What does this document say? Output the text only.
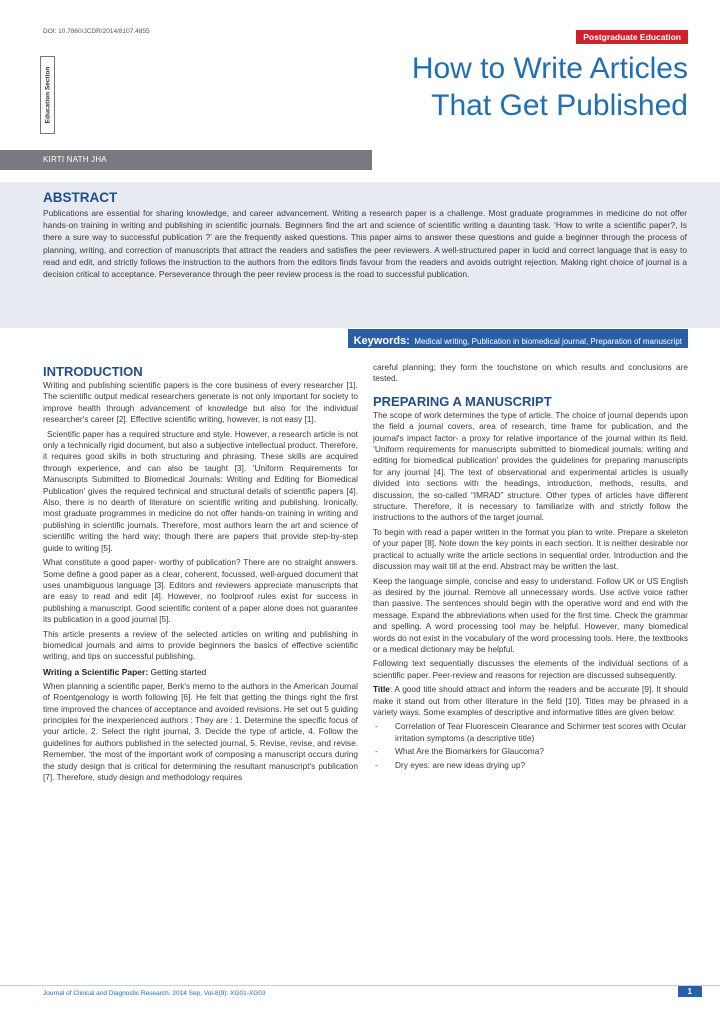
DOI: 10.7860/JCDR/2014/8107.4855
Postgraduate Education
Education Section	How to Write Articles
That Get Published
KIRTI NATH JHA
ABSTRACT
Publications are essential for sharing knowledge, and career advancement. Writing a research paper is a challenge. Most graduate programmes in medicine do not offer hands-on training in writing and publishing in scientific journals. Beginners find the art and science of scientific writing a daunting task. ‘How to write a scientific paper?, Is there a sure way to successful publication ?’ are the frequently asked questions. This paper aims to answer these questions and guide a beginner through the process of planning, writing, and correction of manuscripts that attract the readers and satisfies the peer reviewers. A well-structured paper in lucid and correct language that is easy to read and edit, and strictly follows the instruction to the authors from the editors finds favour from the readers and avoids outright rejection. Making right choice of journal is a decision critical to acceptance. Perseverance through the peer review process is the road to successful publication.
Keywords: Medical writing, Publication in biomedical journal, Preparation of manuscript
INTRODUCTION

Writing and publishing scientific papers is the core business of every researcher [1]. The scientific output medical researchers generate is not only important for society to improve health through advancement of knowledge but also for the individual researcher's career [2]. Effective scientific writing, however, is not easy [1].

Scientific paper has a required structure and style. However, a research article is not only a technically rigid document, but also a subjective intellectual product. Therefore, it requires good skills in both structuring and phrasing. These skills are acquired through experience, and can also be taught [3]. ‘Uniform Requirements for Manuscripts Submitted to Biomedical Journals: Writing and Editing for Biomedical Publication’ gives the required technical and structural details of scientific papers [4]. Also, there is no dearth of literature on scientific writing and publishing. Ironically, most graduate programmes in medicine do not offer hands-on training in writing and publishing in scientific journals. Therefore, most authors learn the art and science of scientific writing the hard way; though there are papers that provide step-by-step guide to writing [5].

What constitute a good paper- worthy of publication? There are no straight answers. Some define a good paper as a clear, coherent, focussed, well-argued document that uses unambiguous language [3]. Editors and reviewers appreciate manuscripts that are easy to read and edit [4]. However, no foolproof rules exist for success in publishing a manuscript. Good scientific content of a paper alone does not guarantee its publication in a good journal [5].

This article presents a review of the selected articles on writing and publishing in biomedical journals and aims to provide beginners the basics of effective scientific writing, and tips on successful publishing.

Writing a Scientific Paper: Getting started

When planning a scientific paper, Berk's memo to the authors in the American Journal of Roentgenology is worth following [6]. He felt that getting the things right the first time improved the chances of acceptance and avoided revisions. He set out 5 guiding principles for the inexperienced authors : They are : 1. Determine the specific focus of your article, 2. Select the right journal, 3. Decide the type of article, 4. Follow the guidelines for authors published in the selected journal, 5. Revise, revise, and revise. Remember, ‘the most of the important work of composing a manuscript occurs during the study design that is critical for determining the resultant manuscript's publication [7]. Therefore, study design and methodology requires

careful planning; they form the touchstone on which results and conclusions are tested.

PREPARING A MANUSCRIPT

The scope of work determines the type of article. The choice of journal depends upon the field a journal covers, area of research, time frame for publication, and the journal's impact factor- a proxy for relative importance of the journal within its field. ‘Uniform requirements for manuscripts submitted to biomedical journals: writing and editing for biomedical publication’ provides the guidelines for preparing manuscripts for any journal [4]. The text of observational and experimental articles is usually divided into sections with the headings, introduction, methods, results, and discussion, the so-called “IMRAD” structure. Other types of articles have different structure. Therefore, it is necessary to familiarize with and strictly follow the instructions to the authors of the target journal.

To begin with read a paper written in the format you plan to write. Prepare a skeleton of your paper [8]. Note down the key points in each section. It is neither desirable nor practical to actually write the article sections in sequential order. Introduction and the discussion may wait till at the end. Abstract may be written the last.

Keep the language simple, concise and easy to understand. Follow UK or US English as desired by the journal. Remove all unnecessary words. Use active voice rather than passive. The sentences should begin with the operative word and end with the message. Expand the abbreviations when used for the first time. Check the grammar and spelling. A word processing tool may be helpful. However, many biomedical words do not exist in the vocabulary of the word processing tools. Here, the textbooks or a medical dictionary may be helpful.

Following text sequentially discusses the elements of the individual sections of a scientific paper. Peer-review and reasons for rejection are discussed subsequently.

Title: A good title should attract and inform the readers and be accurate [9]. It should make it stand out from other literature in the field [10]. Titles may be phrased in a variety ways. Some examples of descriptive and informative titles are given below:

- Correlation of Tear Fluorescein Clearance and Schirmer test scores with Ocular irritation symptoms (a descriptive title)
- What Are the Biomarkers for Glaucoma?
- Dry eyes: are new ideas drying up?
Journal of Clinical and Diagnostic Research. 2014 Sep, Vol-8(9): XG01-XG03	1
